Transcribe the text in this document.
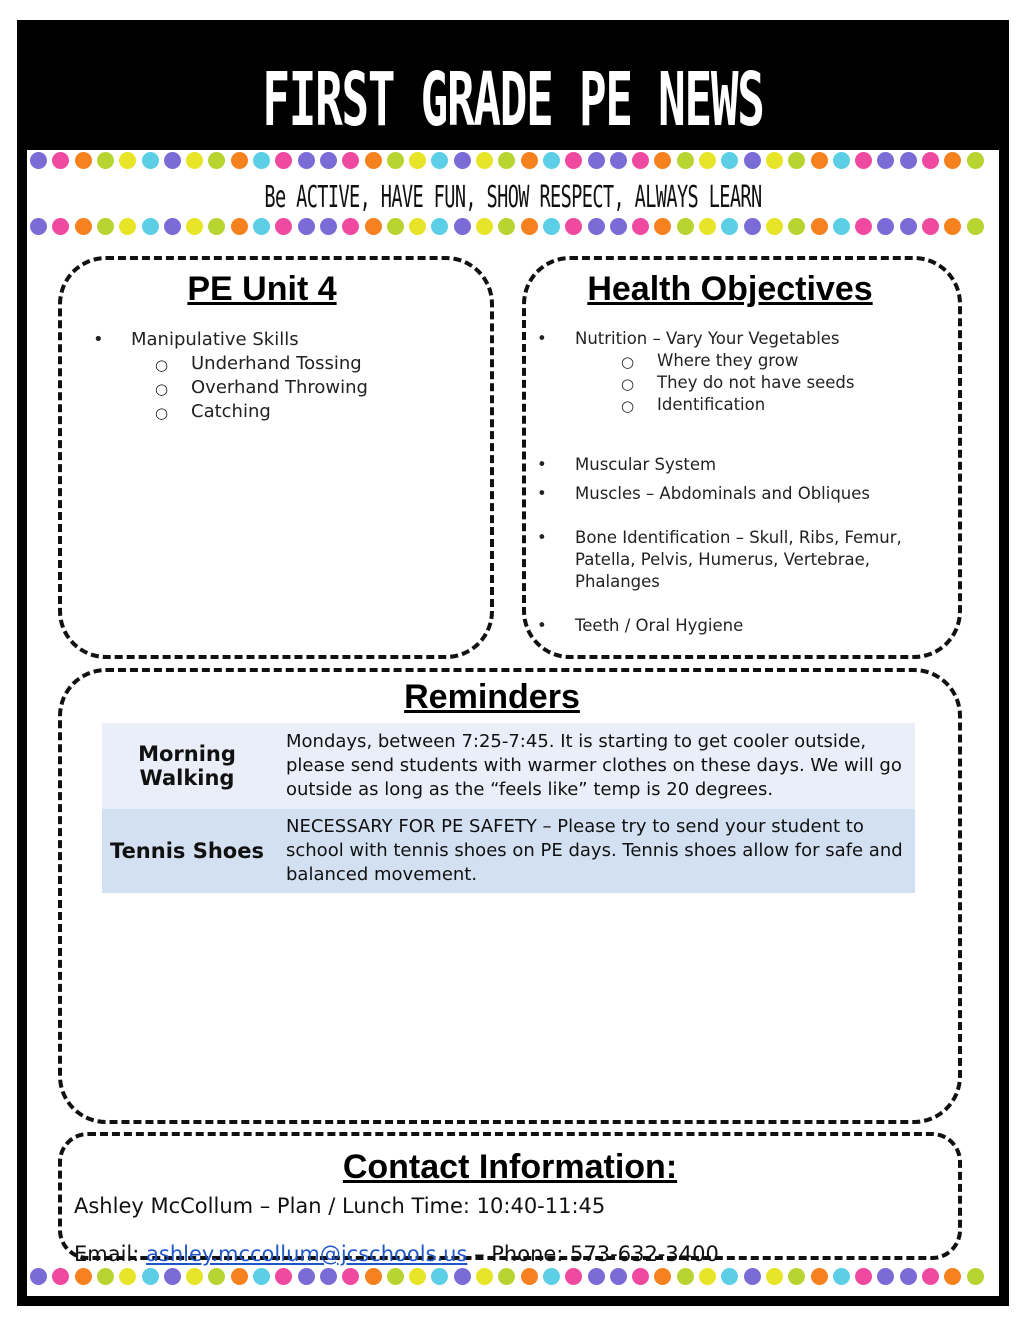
FIRST GRADE PE NEWS
Be ACTIVE, HAVE FUN, SHOW RESPECT, ALWAYS LEARN
PE Unit 4
• Manipulative Skills
○ Underhand Tossing
○ Overhand Throwing
○ Catching
Health Objectives
• Nutrition – Vary Your Vegetables
○ Where they grow
○ They do not have seeds
○ Identification
• Muscular System
• Muscles – Abdominals and Obliques
• Bone Identification – Skull, Ribs, Femur, Patella, Pelvis, Humerus, Vertebrae, Phalanges
• Teeth / Oral Hygiene
Reminders
Morning Walking	Mondays, between 7:25-7:45. It is starting to get cooler outside, please send students with warmer clothes on these days. We will go outside as long as the “feels like” temp is 20 degrees.
Tennis Shoes	NECESSARY FOR PE SAFETY – Please try to send your student to school with tennis shoes on PE days. Tennis shoes allow for safe and balanced movement.
Contact Information:
Ashley McCollum – Plan / Lunch Time: 10:40-11:45
Email: ashley.mccollum@jcschools.us – Phone: 573-632-3400
